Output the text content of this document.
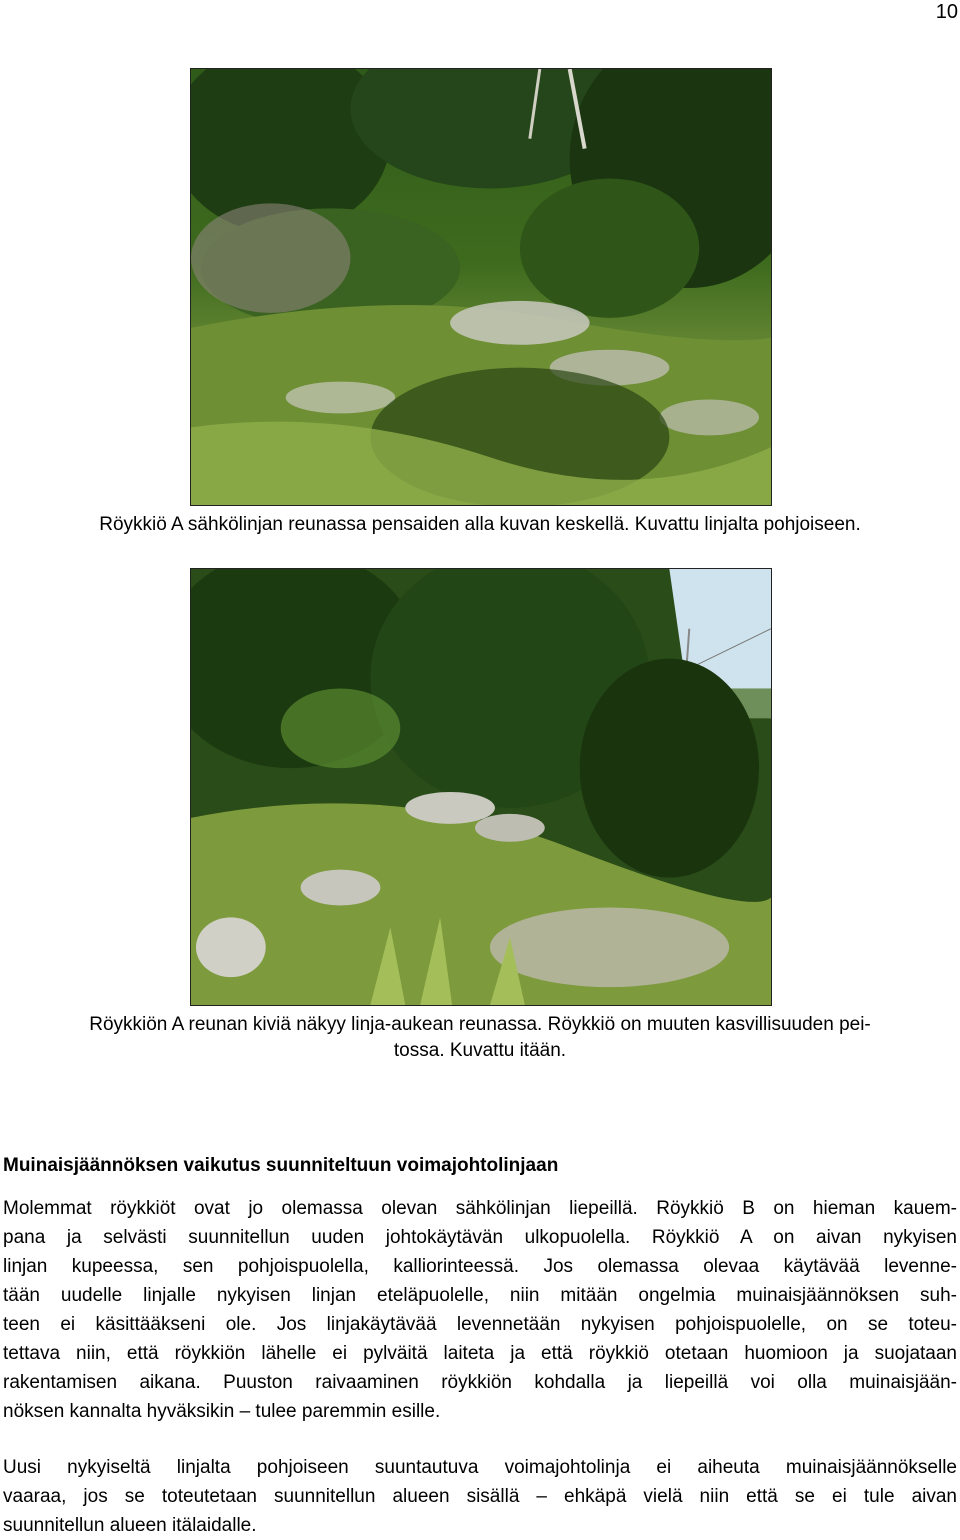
10
Röykkiö A sähkölinjan reunassa pensaiden alla kuvan keskellä. Kuvattu linjalta pohjoiseen.
Röykkiön A reunan kiviä näkyy linja-aukean reunassa. Röykkiö on muuten kasvillisuuden pei-
tossa. Kuvattu itään.
Muinaisjäännöksen vaikutus suunniteltuun voimajohtolinjaan
Molemmat röykkiöt ovat jo olemassa olevan sähkölinjan liepeillä. Röykkiö B on hieman kauem-
pana ja selvästi suunnitellun uuden johtokäytävän ulkopuolella. Röykkiö A on aivan nykyisen
linjan kupeessa, sen pohjoispuolella, kalliorinteessä. Jos olemassa olevaa käytävää levenne-
tään uudelle linjalle nykyisen linjan eteläpuolelle, niin mitään ongelmia muinaisjäännöksen suh-
teen ei käsittääkseni ole. Jos linjakäytävää levennetään nykyisen pohjoispuolelle, on se toteu-
tettava niin, että röykkiön lähelle ei pylväitä laiteta ja että röykkiö otetaan huomioon ja suojataan
rakentamisen aikana. Puuston raivaaminen röykkiön kohdalla ja liepeillä voi olla muinaisjään-
nöksen kannalta hyväksikin – tulee paremmin esille.
Uusi nykyiseltä linjalta pohjoiseen suuntautuva voimajohtolinja ei aiheuta muinaisjäännökselle
vaaraa, jos se toteutetaan suunnitellun alueen sisällä – ehkäpä vielä niin että se ei tule aivan
suunnitellun alueen itälaidalle.
